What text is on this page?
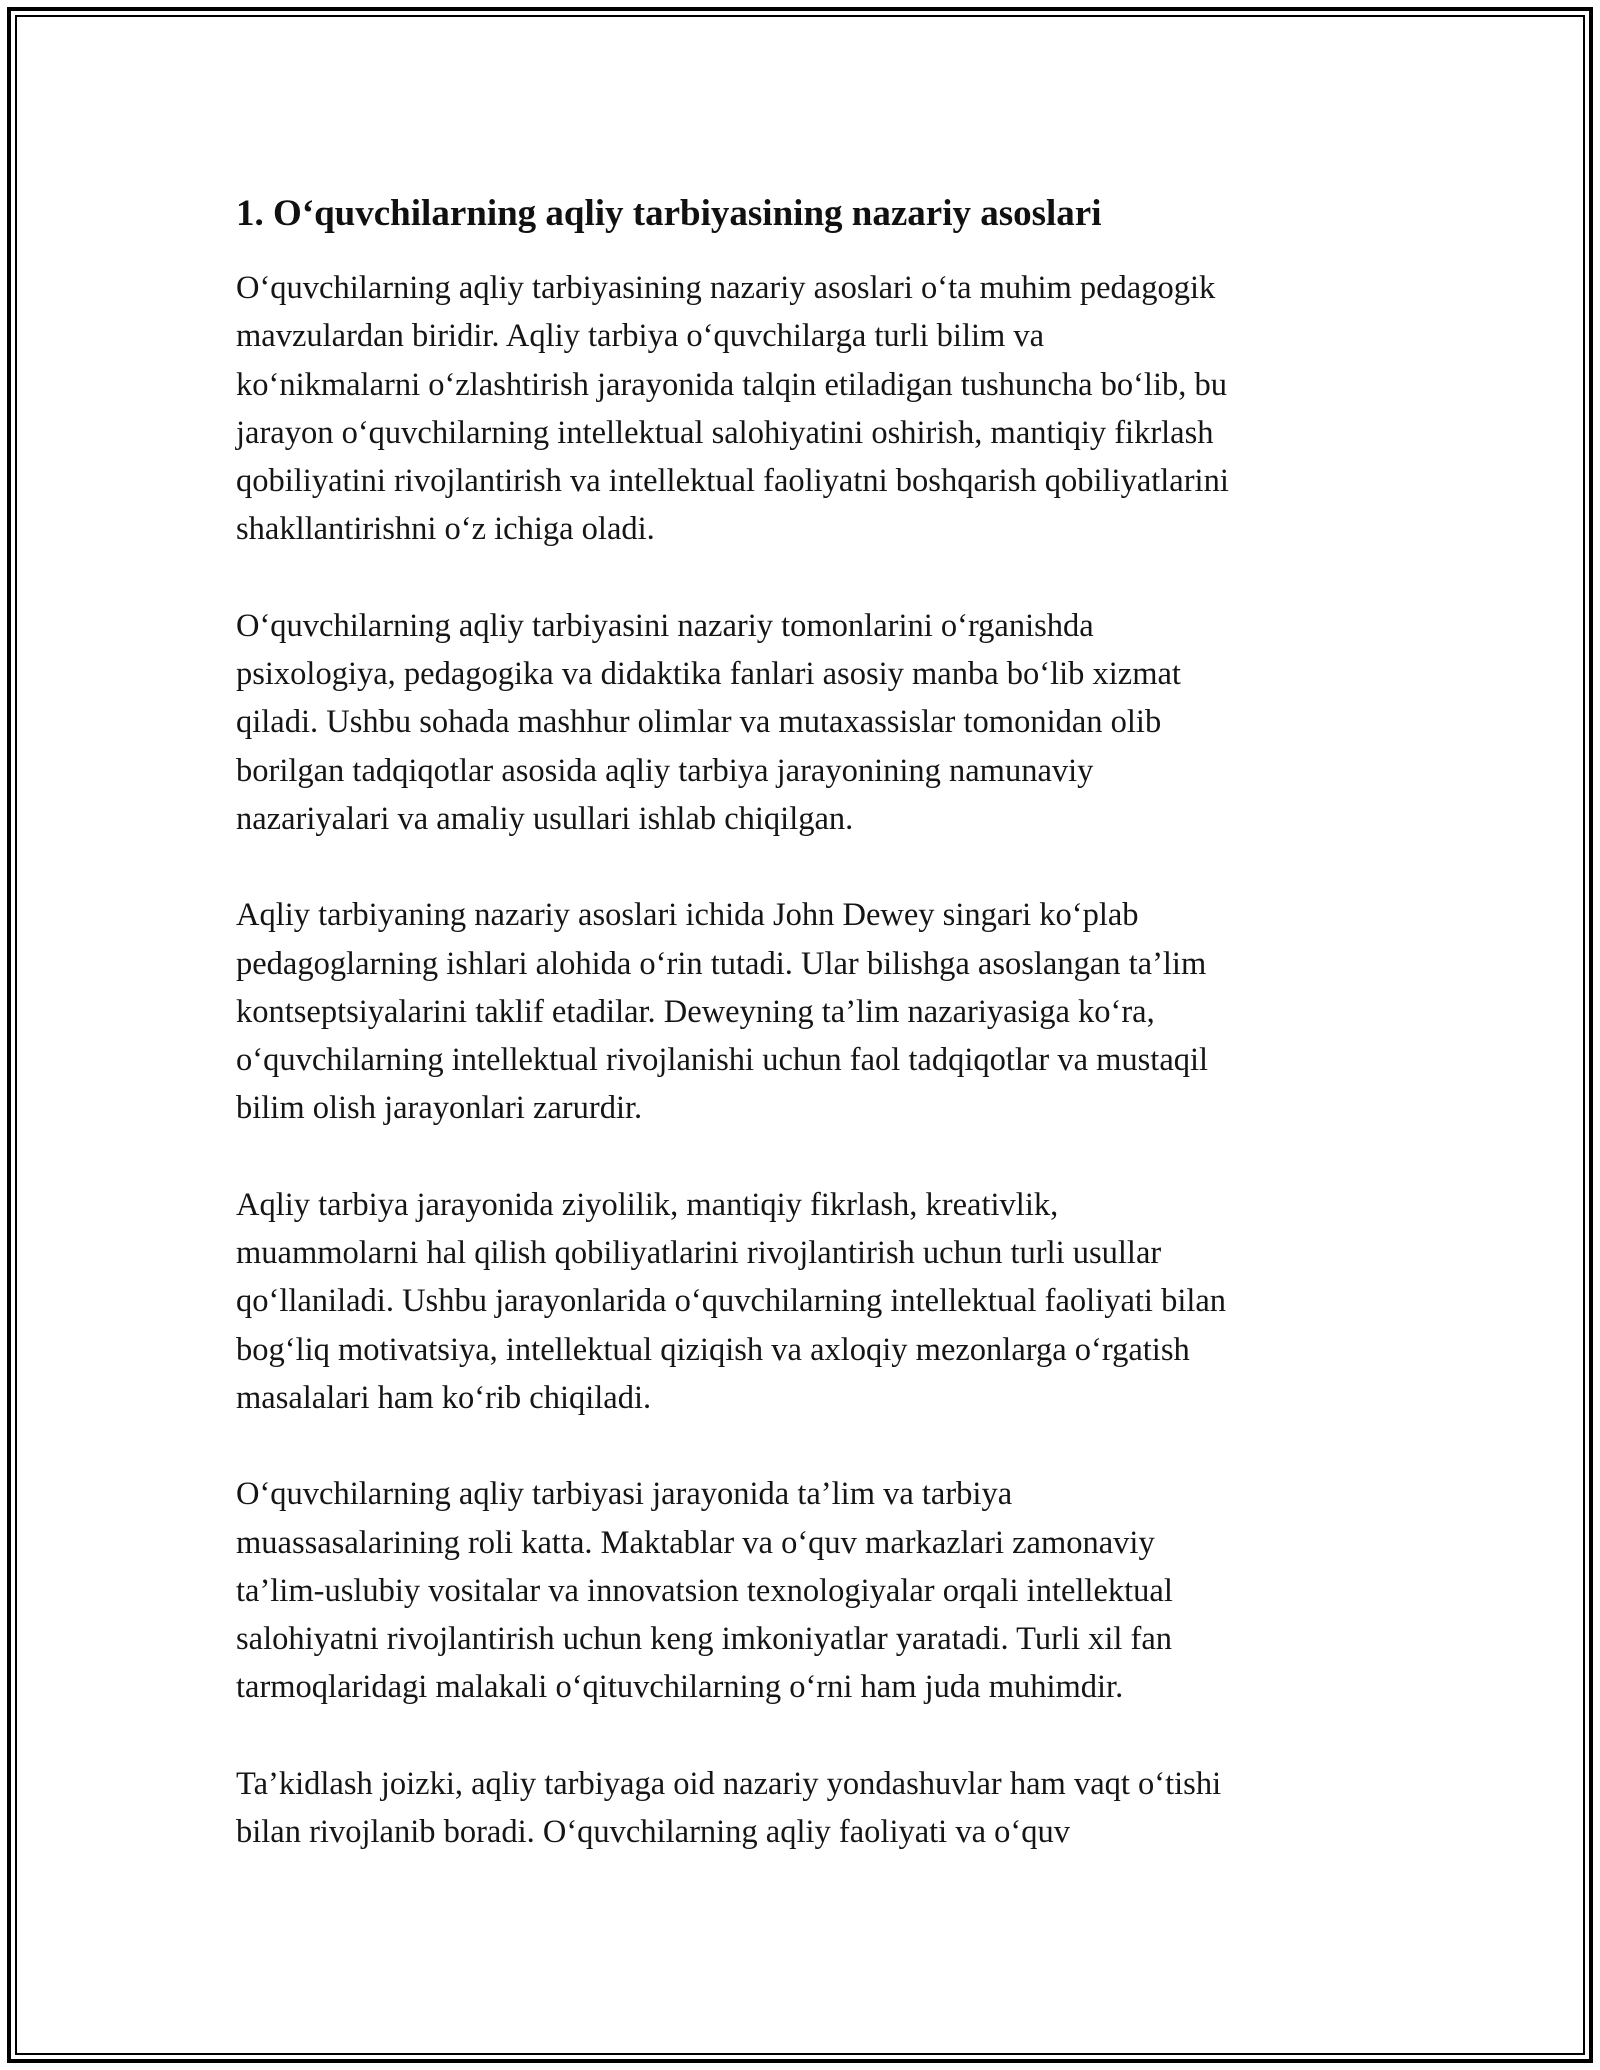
1. O‘quvchilarning aqliy tarbiyasining nazariy asoslari

O‘quvchilarning aqliy tarbiyasining nazariy asoslari o‘ta muhim pedagogik
mavzulardan biridir. Aqliy tarbiya o‘quvchilarga turli bilim va
ko‘nikmalarni o‘zlashtirish jarayonida talqin etiladigan tushuncha bo‘lib, bu
jarayon o‘quvchilarning intellektual salohiyatini oshirish, mantiqiy fikrlash
qobiliyatini rivojlantirish va intellektual faoliyatni boshqarish qobiliyatlarini
shakllantirishni o‘z ichiga oladi.

O‘quvchilarning aqliy tarbiyasini nazariy tomonlarini o‘rganishda
psixologiya, pedagogika va didaktika fanlari asosiy manba bo‘lib xizmat
qiladi. Ushbu sohada mashhur olimlar va mutaxassislar tomonidan olib
borilgan tadqiqotlar asosida aqliy tarbiya jarayonining namunaviy
nazariyalari va amaliy usullari ishlab chiqilgan.

Aqliy tarbiyaning nazariy asoslari ichida John Dewey singari ko‘plab
pedagoglarning ishlari alohida o‘rin tutadi. Ular bilishga asoslangan ta’lim
kontseptsiyalarini taklif etadilar. Deweyning ta’lim nazariyasiga ko‘ra,
o‘quvchilarning intellektual rivojlanishi uchun faol tadqiqotlar va mustaqil
bilim olish jarayonlari zarurdir.

Aqliy tarbiya jarayonida ziyolilik, mantiqiy fikrlash, kreativlik,
muammolarni hal qilish qobiliyatlarini rivojlantirish uchun turli usullar
qo‘llaniladi. Ushbu jarayonlarida o‘quvchilarning intellektual faoliyati bilan
bog‘liq motivatsiya, intellektual qiziqish va axloqiy mezonlarga o‘rgatish
masalalari ham ko‘rib chiqiladi.

O‘quvchilarning aqliy tarbiyasi jarayonida ta’lim va tarbiya
muassasalarining roli katta. Maktablar va o‘quv markazlari zamonaviy
ta’lim-uslubiy vositalar va innovatsion texnologiyalar orqali intellektual
salohiyatni rivojlantirish uchun keng imkoniyatlar yaratadi. Turli xil fan
tarmoqlaridagi malakali o‘qituvchilarning o‘rni ham juda muhimdir.

Ta’kidlash joizki, aqliy tarbiyaga oid nazariy yondashuvlar ham vaqt o‘tishi
bilan rivojlanib boradi. O‘quvchilarning aqliy faoliyati va o‘quv
